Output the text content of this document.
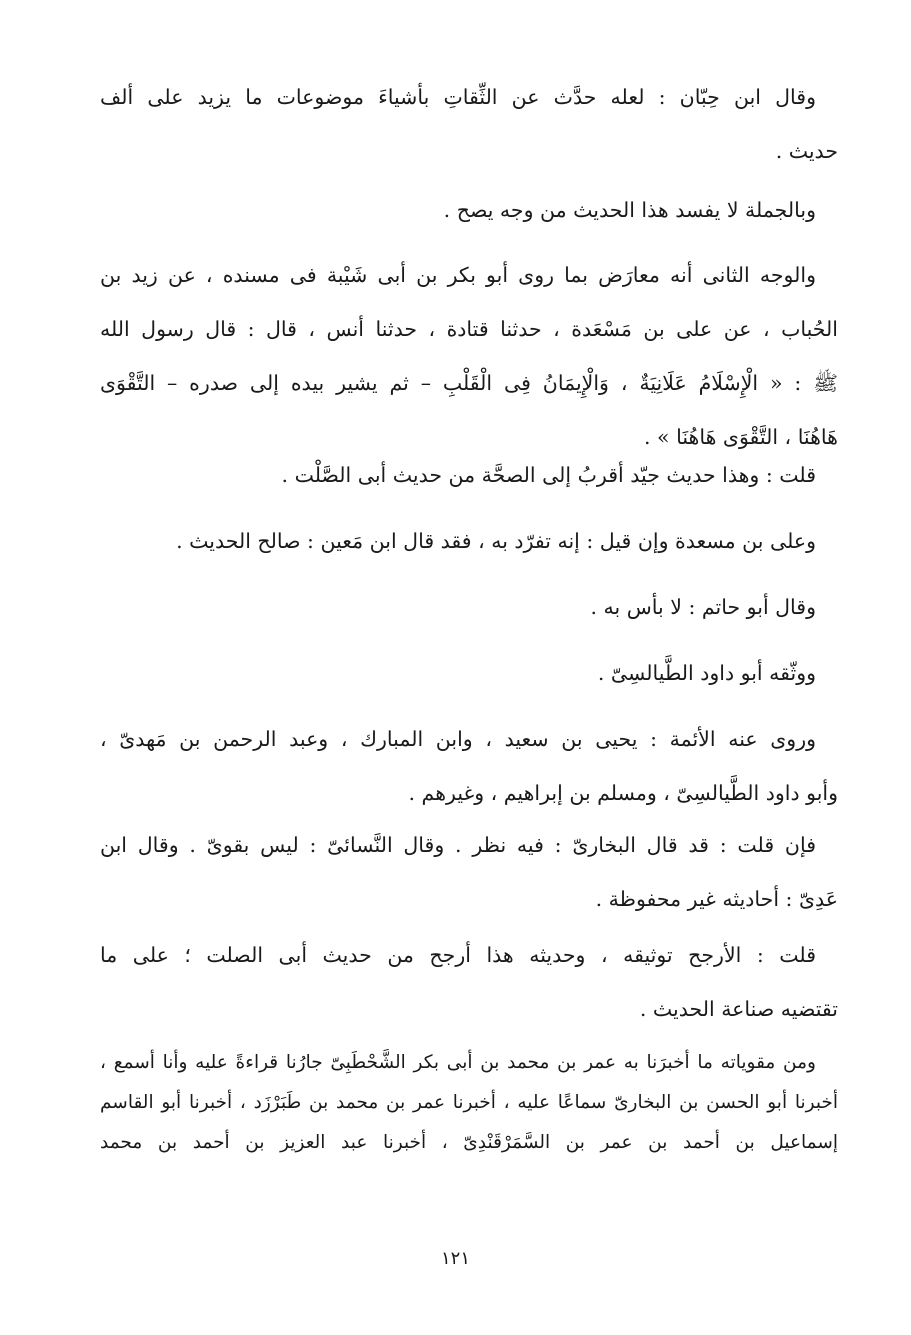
وقال ابن حِبّان : لعله حدَّث عن الثِّقاتِ بأشياءَ موضوعات ما يزيد على ألف
حديث .
وبالجملة لا يفسد هذا الحديث من وجه يصح .
والوجه الثانى أنه معارَض بما روى أبو بكر بن أبى شَيْبة فى مسنده ، عن زيد بن
الحُباب ، عن على بن مَسْعَدة ، حدثنا قتادة ، حدثنا أنس ، قال : قال رسول الله
ﷺ : « الْإِسْلَامُ عَلَانِيَةٌ ، وَالْإِيمَانُ فِى الْقَلْبِ – ثم يشير بيده إلى صدره – التَّقْوَى
هَاهُنَا ، التَّقْوَى هَاهُنَا » .
قلت : وهذا حديث جيّد أقربُ إلى الصحَّة من حديث أبى الصَّلْت .
وعلى بن مسعدة وإن قيل : إنه تفرّد به ، فقد قال ابن مَعين : صالح الحديث .
وقال أبو حاتم : لا بأس به .
ووثّقه أبو داود الطَّيالسِىّ .
وروى عنه الأئمة : يحيى بن سعيد ، وابن المبارك ، وعبد الرحمن بن مَهدىّ ،
وأبو داود الطَّيالسِىّ ، ومسلم بن إبراهيم ، وغيرهم .
فإن قلت : قد قال البخارىّ : فيه نظر . وقال النَّسائىّ : ليس بقوىّ . وقال ابن
عَدِىّ : أحاديثه غير محفوظة .
قلت : الأرجح توثيقه ، وحديثه هذا أرجح من حديث أبى الصلت ؛ على ما
تقتضيه صناعة الحديث .
ومن مقوياته ما أخبرَنا به عمر بن محمد بن أبى بكر الشَّحْطَبِىّ جارُنا قراءةً عليه وأنا أسمع ،
أخبرنا أبو الحسن بن البخارىّ سماعًا عليه ، أخبرنا عمر بن محمد بن طَبَرْزَد ، أخبرنا أبو القاسم
إسماعيل بن أحمد بن عمر بن السَّمَرْقَنْدِىّ ، أخبرنا عبد العزيز بن أحمد بن محمد
١٢١
